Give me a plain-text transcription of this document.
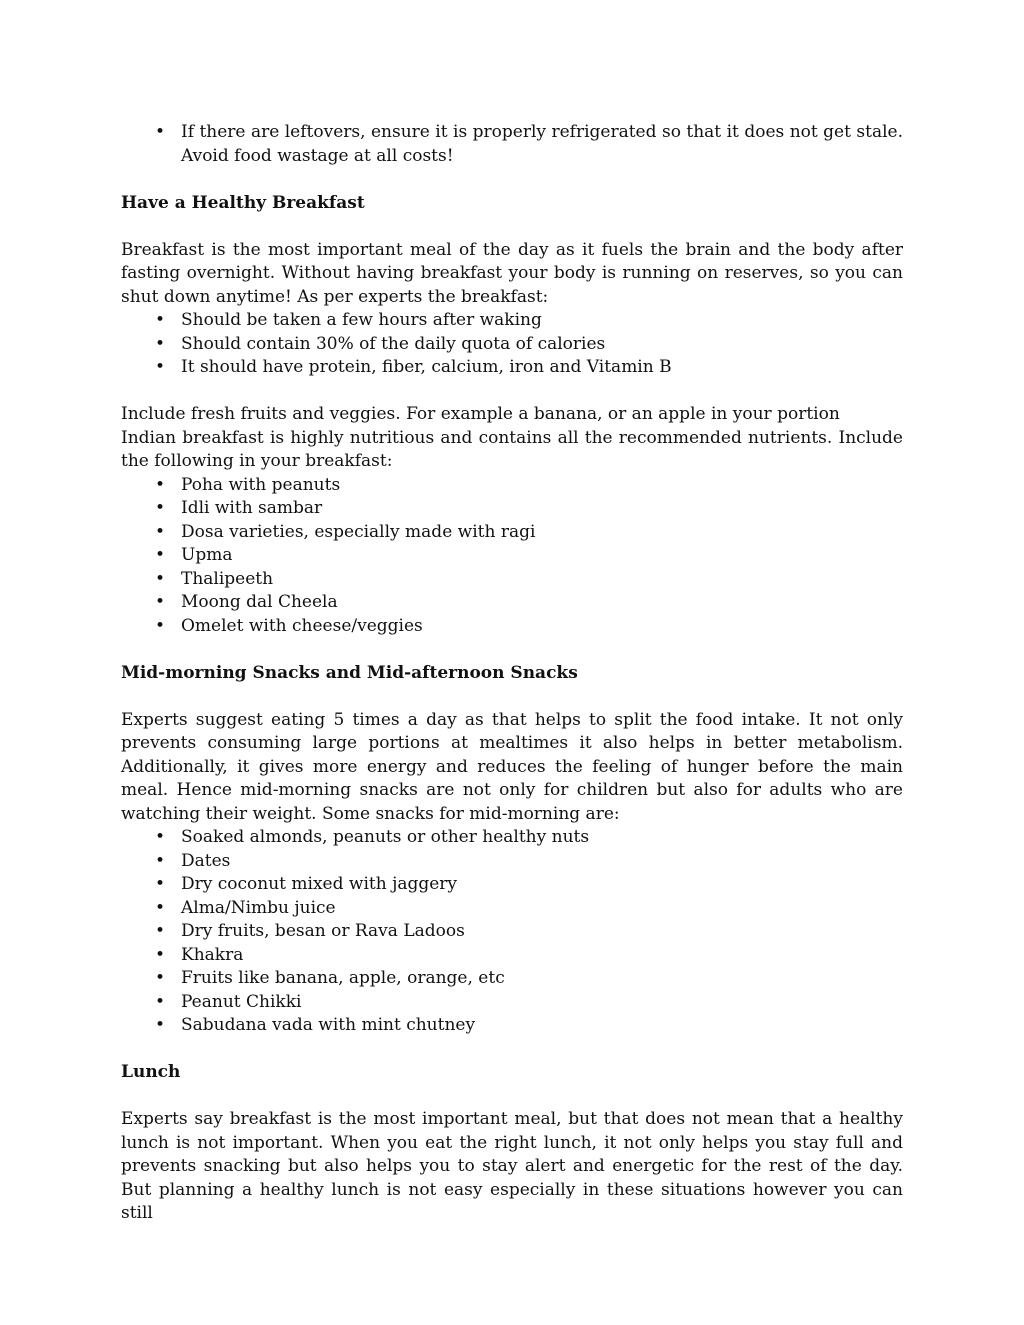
• If there are leftovers, ensure it is properly refrigerated so that it does not get stale. Avoid food wastage at all costs!

Have a Healthy Breakfast

Breakfast is the most important meal of the day as it fuels the brain and the body after fasting overnight. Without having breakfast your body is running on reserves, so you can shut down anytime! As per experts the breakfast:

• Should be taken a few hours after waking
• Should contain 30% of the daily quota of calories
• It should have protein, fiber, calcium, iron and Vitamin B

Include fresh fruits and veggies. For example a banana, or an apple in your portion

Indian breakfast is highly nutritious and contains all the recommended nutrients. Include the following in your breakfast:

• Poha with peanuts
• Idli with sambar
• Dosa varieties, especially made with ragi
• Upma
• Thalipeeth
• Moong dal Cheela
• Omelet with cheese/veggies

Mid-morning Snacks and Mid-afternoon Snacks

Experts suggest eating 5 times a day as that helps to split the food intake. It not only prevents consuming large portions at mealtimes it also helps in better metabolism. Additionally, it gives more energy and reduces the feeling of hunger before the main meal. Hence mid-morning snacks are not only for children but also for adults who are watching their weight. Some snacks for mid-morning are:

• Soaked almonds, peanuts or other healthy nuts
• Dates
• Dry coconut mixed with jaggery
• Alma/Nimbu juice
• Dry fruits, besan or Rava Ladoos
• Khakra
• Fruits like banana, apple, orange, etc
• Peanut Chikki
• Sabudana vada with mint chutney

Lunch

Experts say breakfast is the most important meal, but that does not mean that a healthy lunch is not important. When you eat the right lunch, it not only helps you stay full and prevents snacking but also helps you to stay alert and energetic for the rest of the day. But planning a healthy lunch is not easy especially in these situations however you can still
